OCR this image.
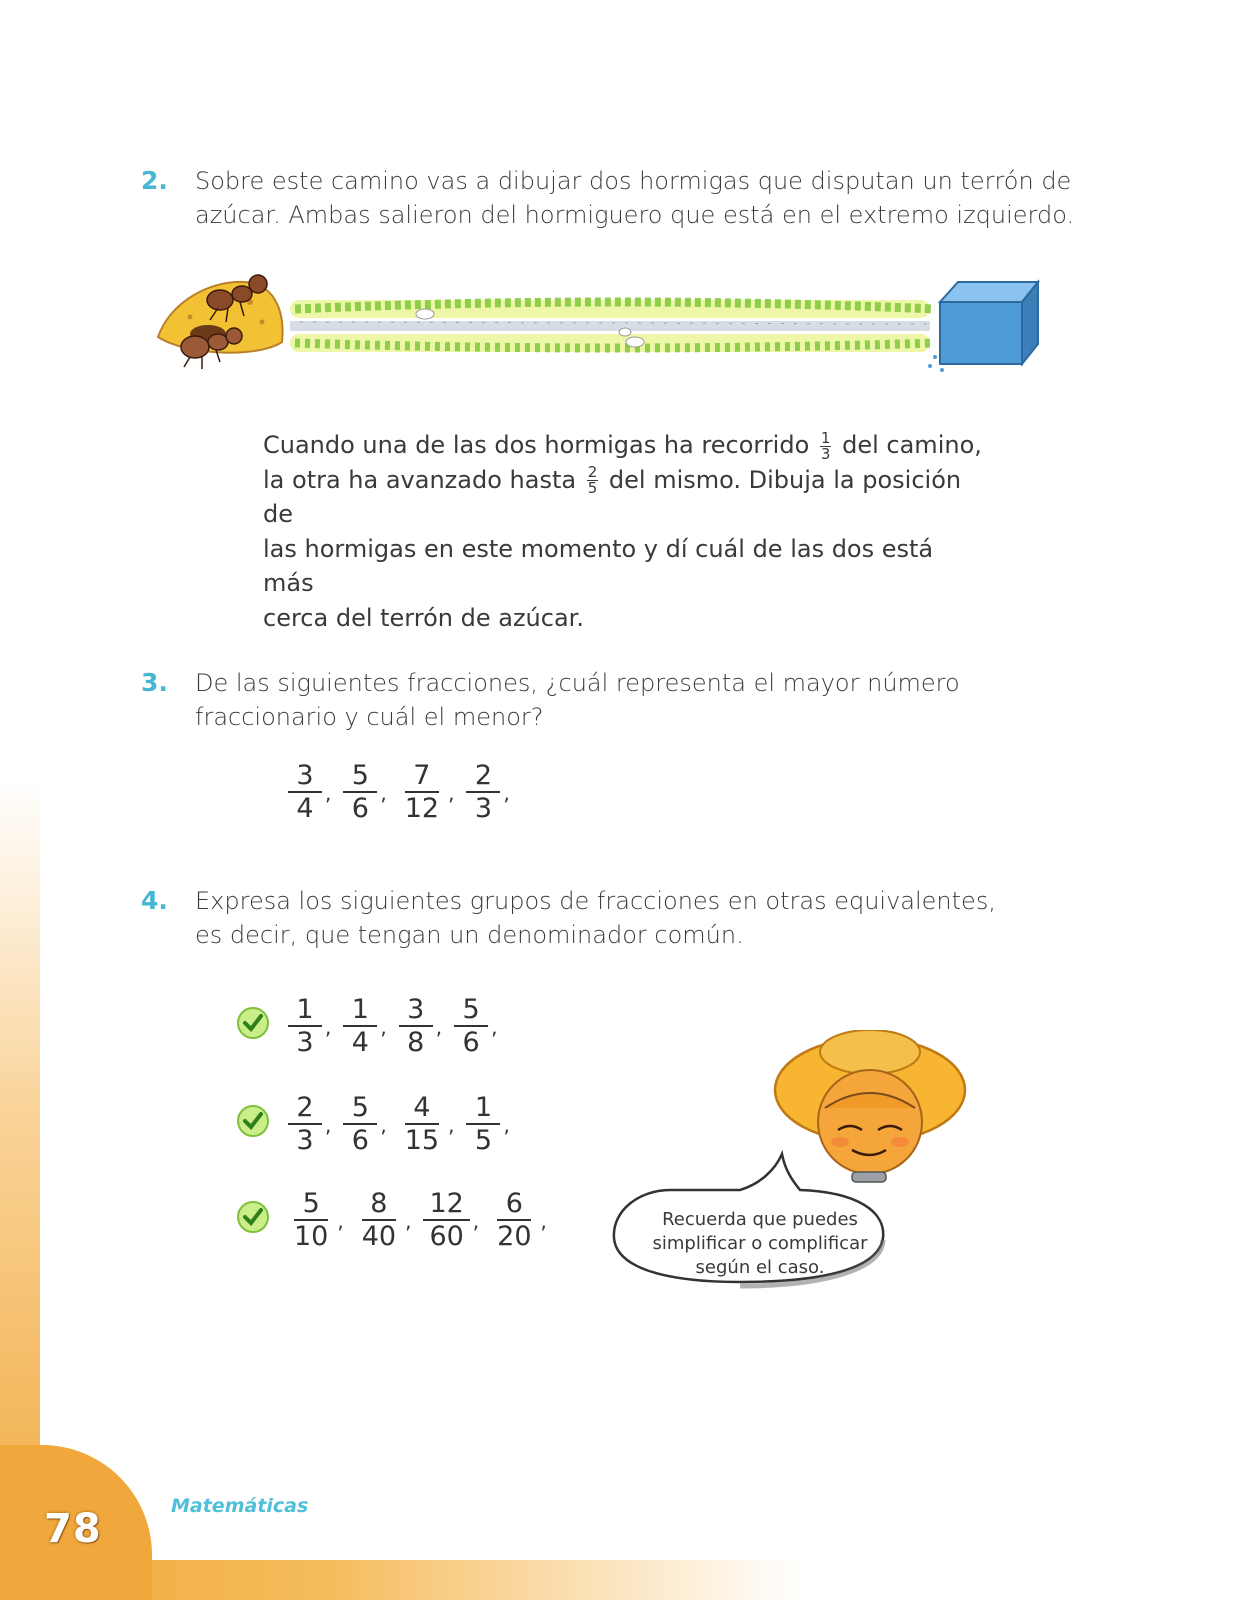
78	Matemáticas
2. Sobre este camino vas a dibujar dos hormigas que disputan un terrón de
azúcar. Ambas salieron del hormiguero que está en el extremo izquierdo.

Cuando una de las dos hormigas ha recorrido $\frac{1}{3}$ del camino,
la otra ha avanzado hasta $\frac{2}{5}$ del mismo. Dibuja la posición de
las hormigas en este momento y dí cuál de las dos está más
cerca del terrón de azúcar.

3. De las siguientes fracciones, ¿cuál representa el mayor número
fraccionario y cuál el menor?

$\frac{3}{4}$ , $\frac{5}{6}$ , $\frac{7}{12}$ , $\frac{2}{3}$ ,
4. Expresa los siguientes grupos de fracciones en otras equivalentes,
es decir, que tengan un denominador común.

$\frac{1}{3}$ , $\frac{1}{4}$ , $\frac{3}{8}$ , $\frac{5}{6}$ ,
$\frac{2}{3}$ , $\frac{5}{6}$ , $\frac{4}{15}$ , $\frac{1}{5}$ ,
$\frac{5}{10}$ , $\frac{8}{40}$ , $\frac{12}{60}$ , $\frac{6}{20}$ ,	Recuerda que puedes
simplificar o complificar
según el caso.
